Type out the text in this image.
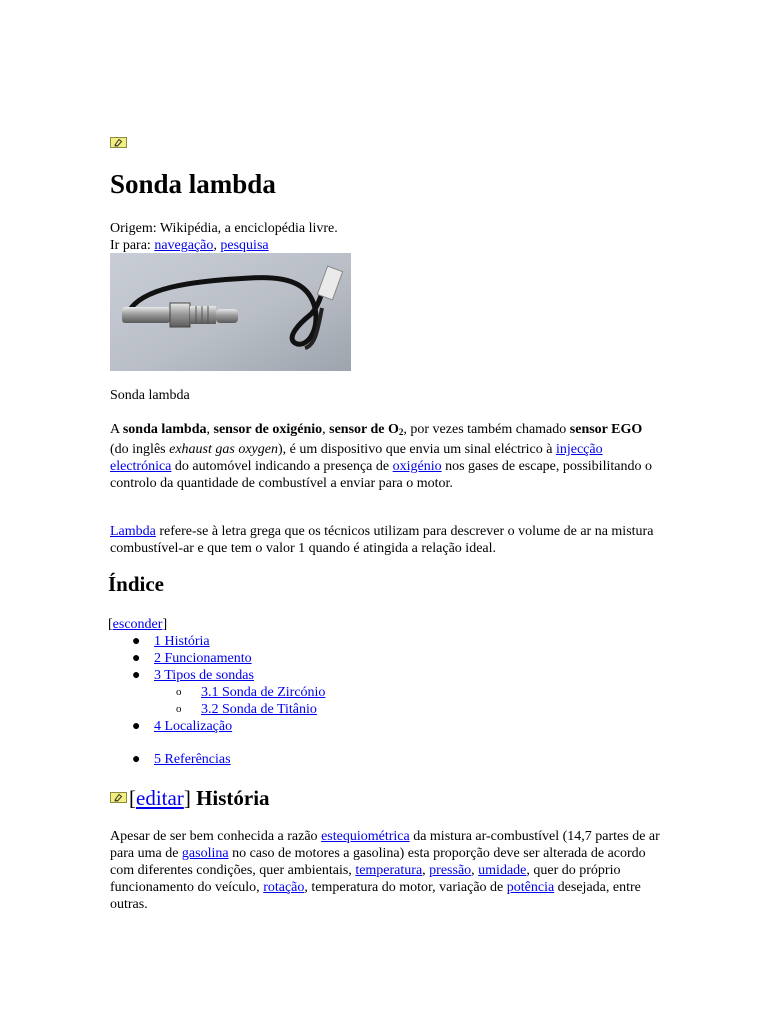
Sonda lambda
Origem: Wikipédia, a enciclopédia livre.
Ir para: navegação, pesquisa
Sonda lambda

A sonda lambda, sensor de oxigénio, sensor de $O_2$, por vezes também chamado sensor EGO (do inglês exhaust gas oxygen), é um dispositivo que envia um sinal eléctrico à injecção electrónica do automóvel indicando a presença de oxigénio nos gases de escape, possibilitando o controlo da quantidade de combustível a enviar para o motor.

Lambda refere-se à letra grega que os técnicos utilizam para descrever o volume de ar na mistura combustível-ar e que tem o valor 1 quando é atingida a relação ideal.

Índice
[esconder]
● 1 História
● 2 Funcionamento
● 3 Tipos de sondas
o 3.1 Sonda de Zircónio
o 3.2 Sonda de Titânio
● 4 Localização
● 5 Referências
[editar] História

Apesar de ser bem conhecida a razão estequiométrica da mistura ar-combustível (14,7 partes de ar para uma de gasolina no caso de motores a gasolina) esta proporção deve ser alterada de acordo com diferentes condições, quer ambientais, temperatura, pressão, umidade, quer do próprio funcionamento do veículo, rotação, temperatura do motor, variação de potência desejada, entre outras.
